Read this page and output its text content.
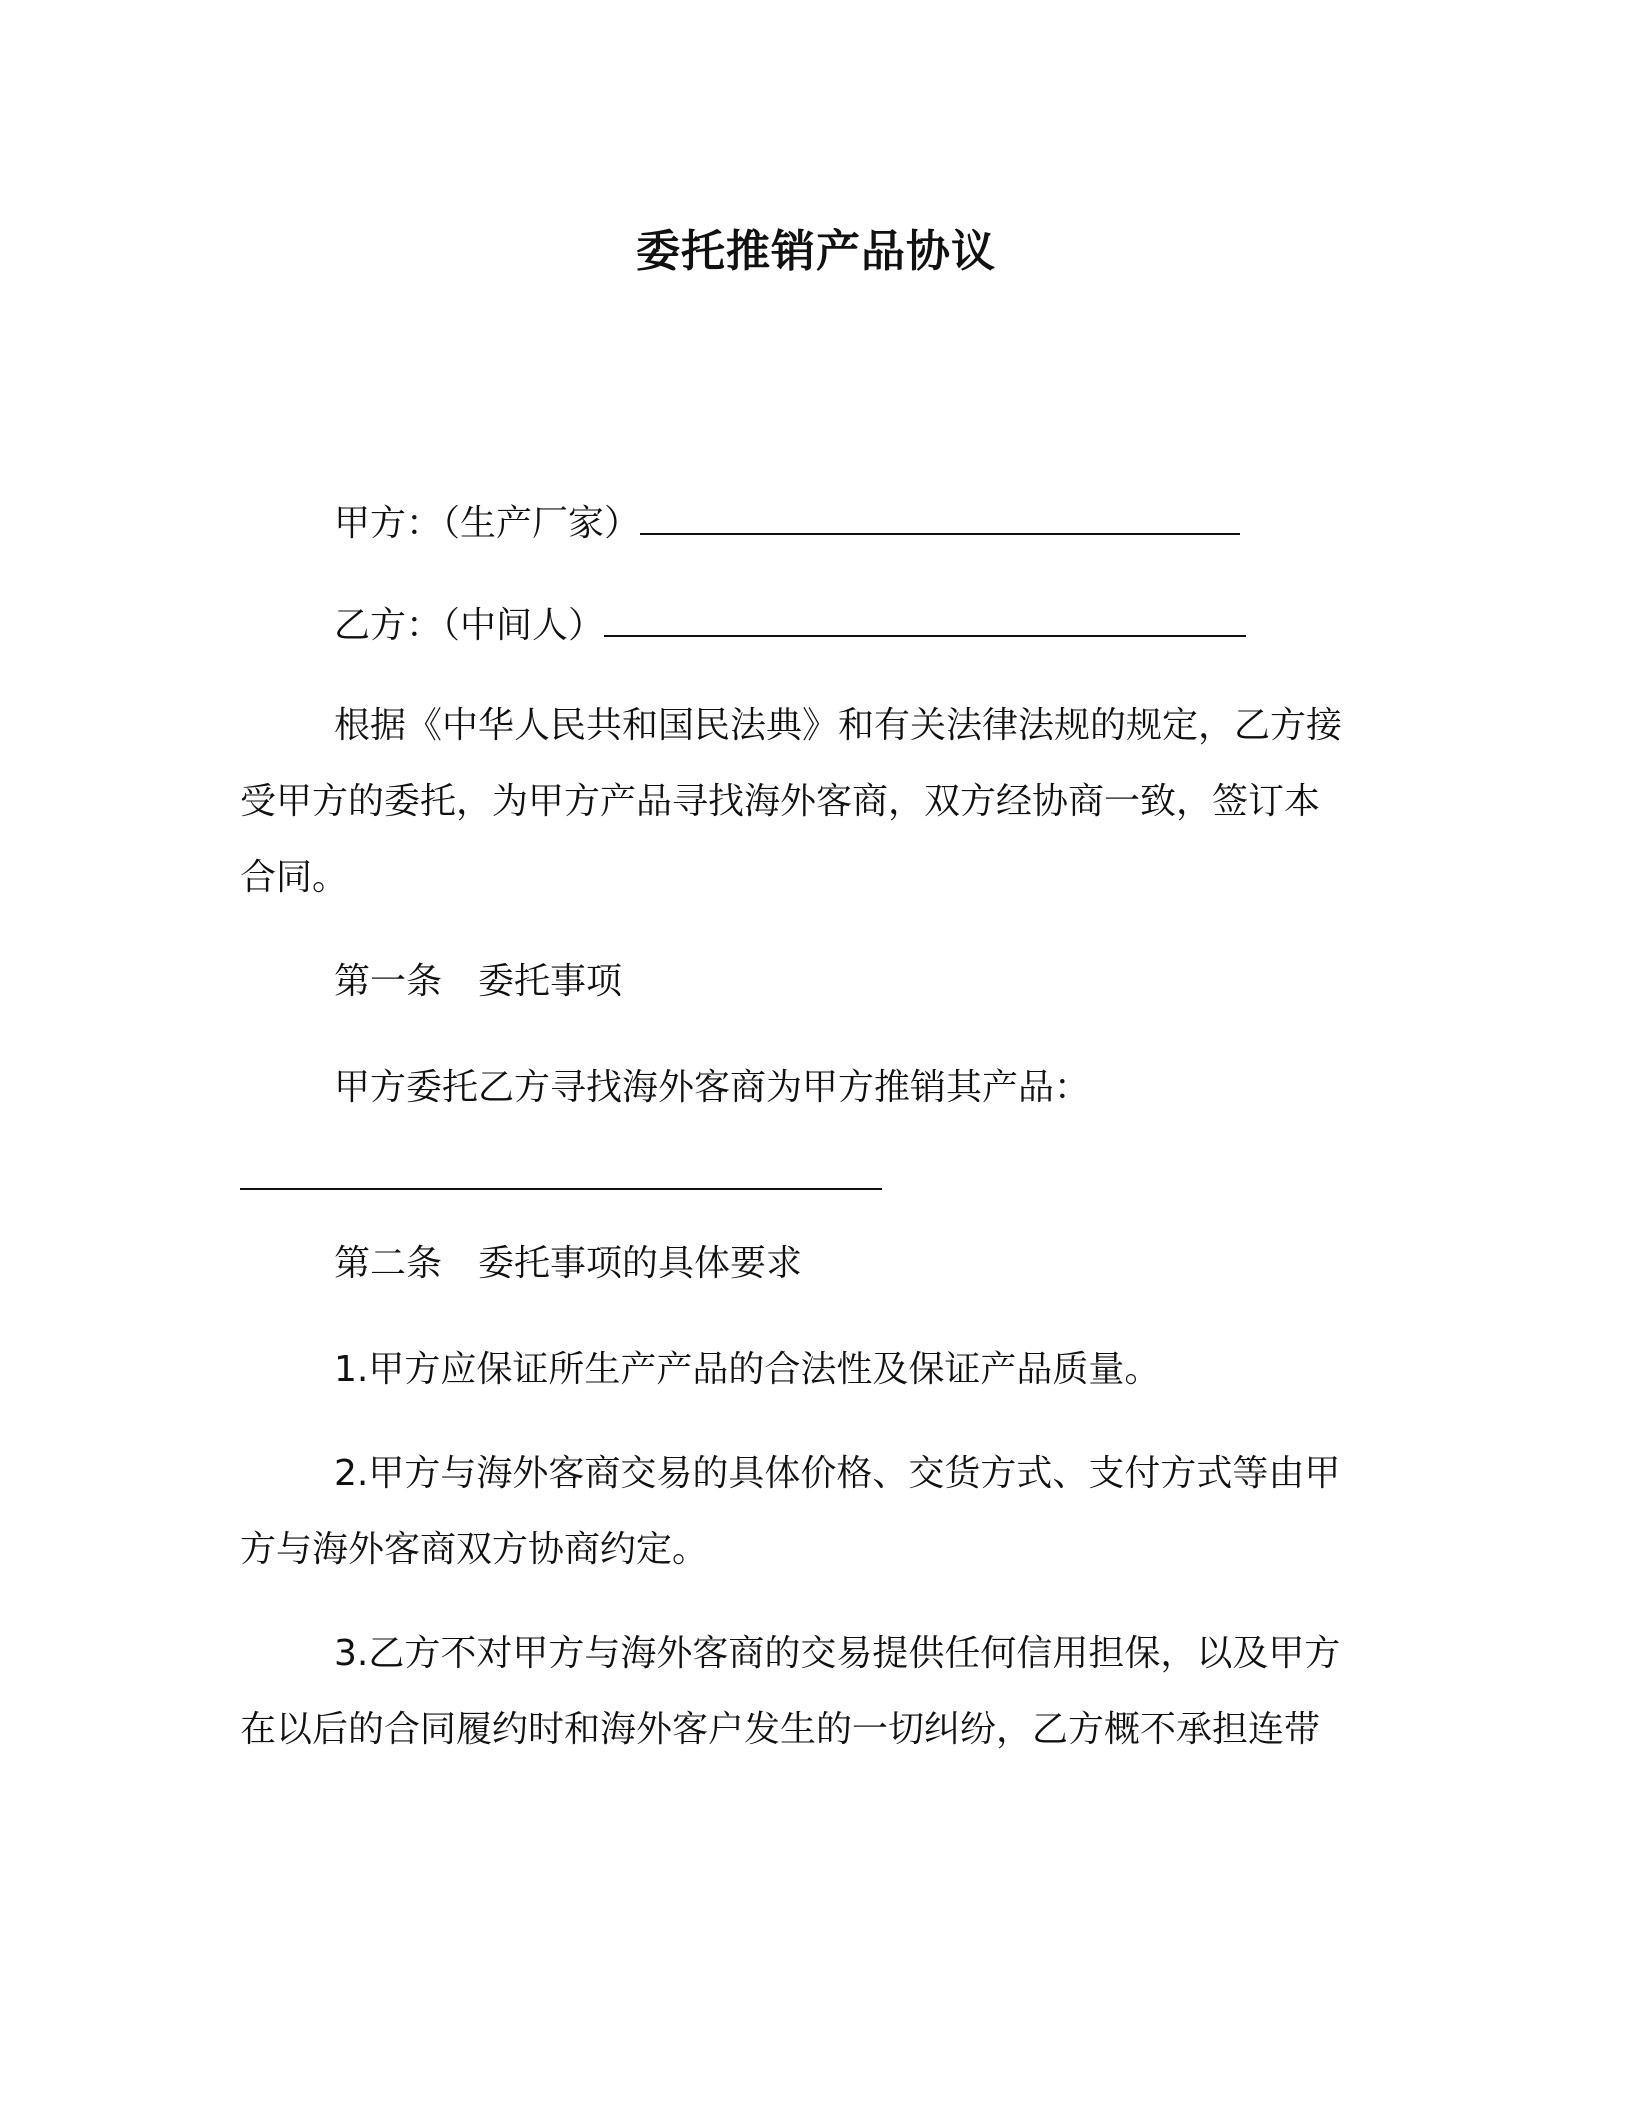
委托推销产品协议
甲方：（生产厂家）
乙方：（中间人）
根据《中华人民共和国民法典》和有关法律法规的规定，乙方接
受甲方的委托，为甲方产品寻找海外客商，双方经协商一致，签订本
合同。
第一条　委托事项
甲方委托乙方寻找海外客商为甲方推销其产品：
第二条　委托事项的具体要求
1.甲方应保证所生产产品的合法性及保证产品质量。
2.甲方与海外客商交易的具体价格、交货方式、支付方式等由甲
方与海外客商双方协商约定。
3.乙方不对甲方与海外客商的交易提供任何信用担保，以及甲方
在以后的合同履约时和海外客户发生的一切纠纷，乙方概不承担连带
